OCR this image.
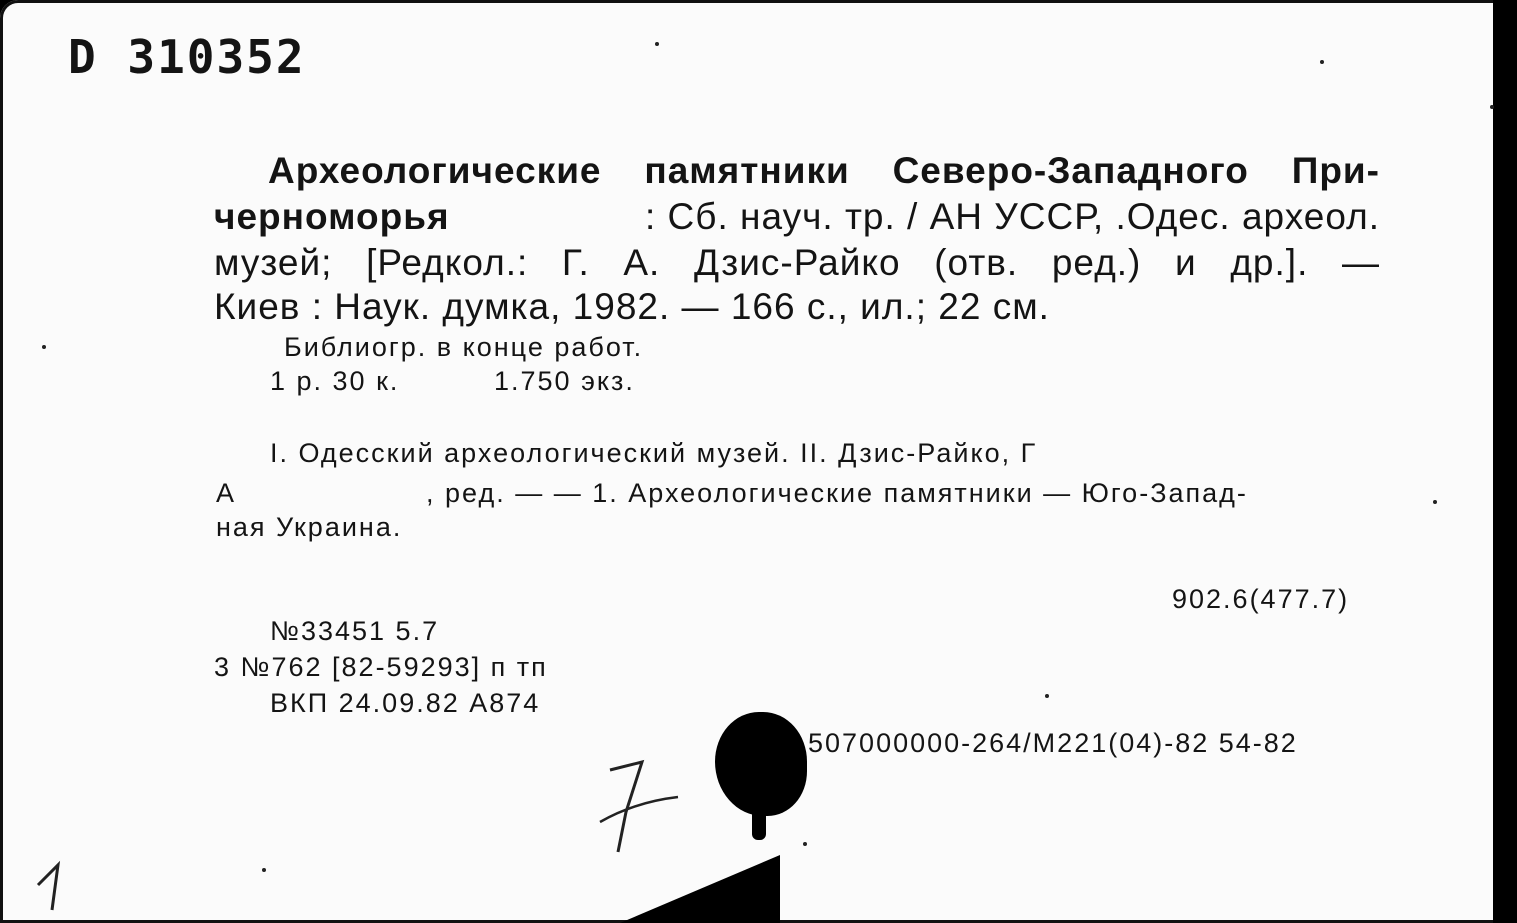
D 310352
Археологические памятники Северо-Западного При-
черноморья	: Сб. науч. тр. / АН УССР, .Одес. археол.
музей; [Редкол.: Г. А. Дзис-Райко (отв. ред.) и др.]. —
Киев : Наук. думка, 1982. — 166 с., ил.; 22 см.
Библиогр. в конце работ.
1 р. 30 к.	1.750 экз.
I. Одесский археологический музей. II. Дзис-Райко, Г
А	, ред. — — 1. Археологические памятники — Юго-Запад-
ная Украина.
902.6(477.7)
№33451 5.7
3 №762 [82-59293] п тп
ВКП 24.09.82 А874
507000000-264/М221(04)-82 54-82
